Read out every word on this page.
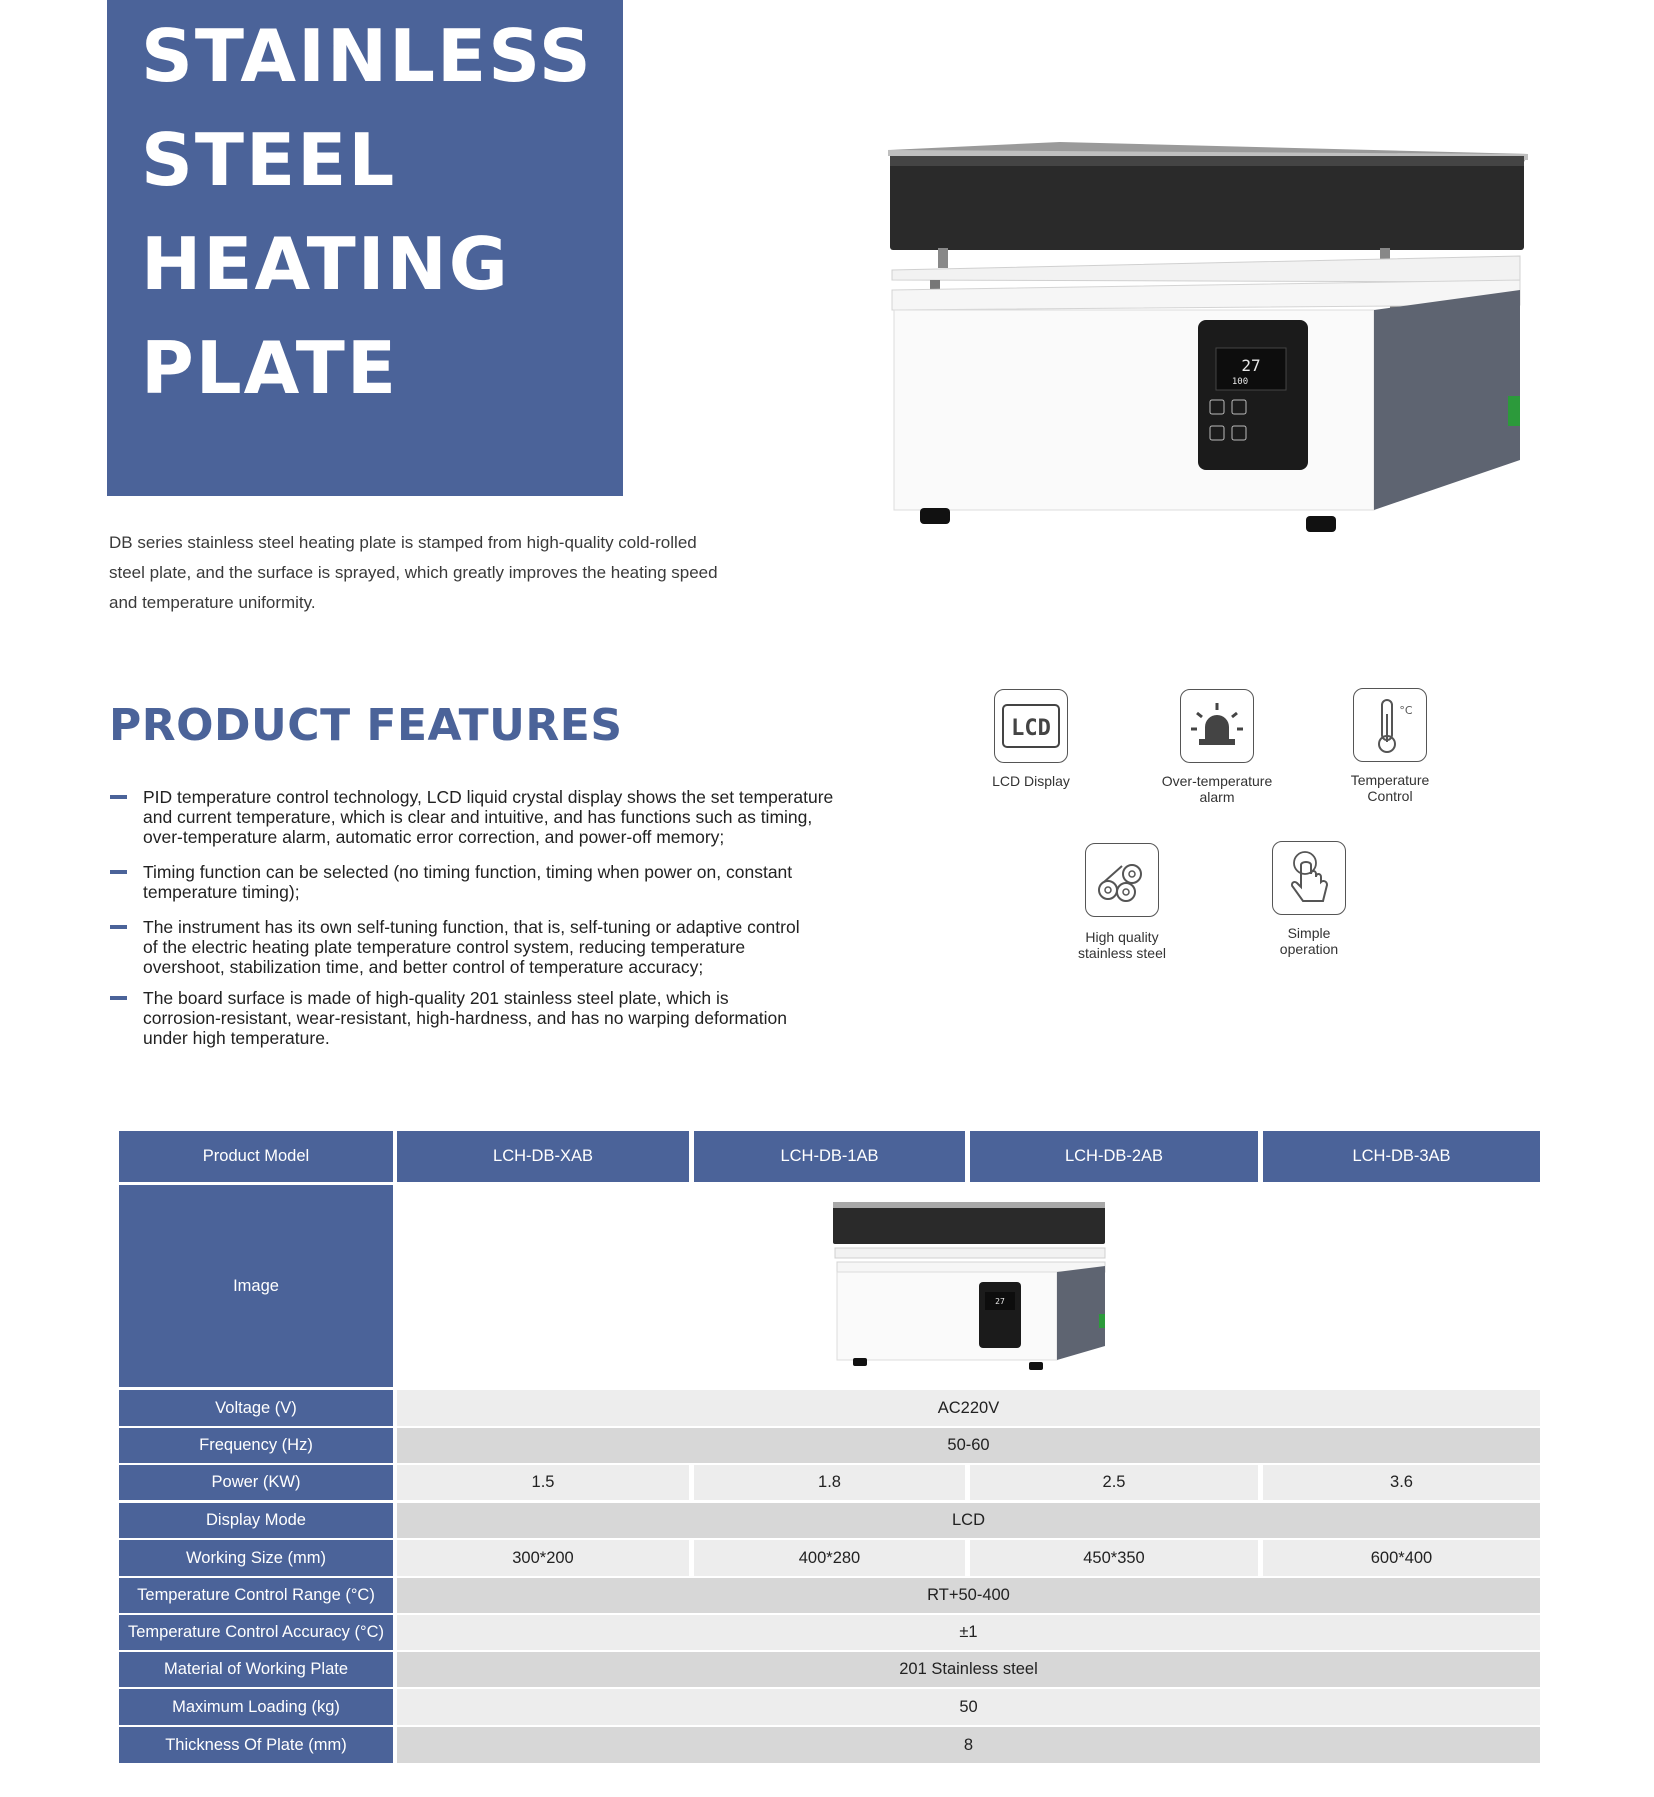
STAINLESS
STEEL
HEATING
PLATE	27
100
DB series stainless steel heating plate is stamped from high-quality cold-rolled
steel plate, and the surface is sprayed, which greatly improves the heating speed
and temperature uniformity.
PRODUCT FEATURES
PID temperature control technology, LCD liquid crystal display shows the set temperature
and current temperature, which is clear and intuitive, and has functions such as timing,
over-temperature alarm, automatic error correction, and power-off memory;
Timing function can be selected (no timing function, timing when power on, constant
temperature timing);
The instrument has its own self-tuning function, that is, self-tuning or adaptive control
of the electric heating plate temperature control system, reducing temperature
overshoot, stabilization time, and better control of temperature accuracy;
The board surface is made of high-quality 201 stainless steel plate, which is
corrosion-resistant, wear-resistant, high-hardness, and has no warping deformation
under high temperature.
LCD
LCD Display	Over-temperature
alarm
°C
Temperature
Control
High quality
stainless steel
Simple
operation
Product Model	LCH-DB-XAB	LCH-DB-1AB	LCH-DB-2AB	LCH-DB-3AB
Image
27
Voltage (V)	AC220V
Frequency (Hz)	50-60
Power (KW)	1.5	1.8	2.5	3.6
Display Mode	LCD
Working Size (mm)	300*200	400*280	450*350	600*400
Temperature Control Range (°C)	RT+50-400
Temperature Control Accuracy (°C)	±1
Material of Working Plate	201 Stainless steel
Maximum Loading (kg)	50
Thickness Of Plate (mm)	8
